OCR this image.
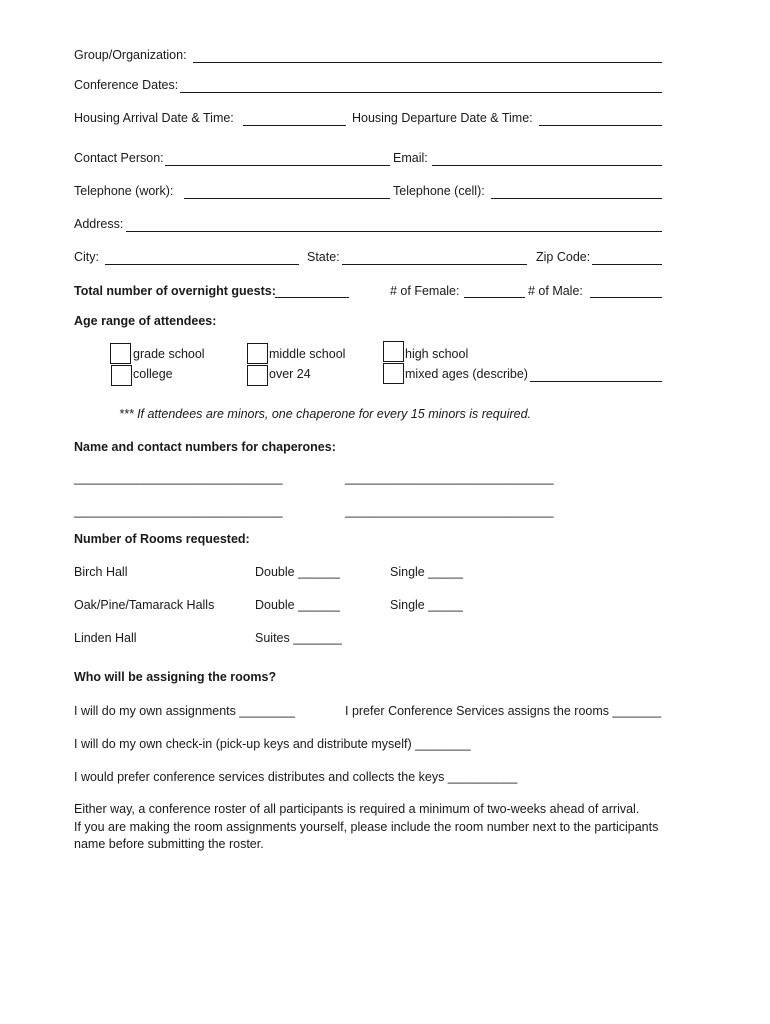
Group/Organization:
Conference Dates:
Housing Arrival Date & Time:	Housing Departure Date & Time:
Contact Person:	Email:
Telephone (work):	Telephone (cell):
Address:
City:	State:	Zip Code:
Total number of overnight guests:	# of Female:	# of Male:
Age range of attendees:
grade school	middle school	high school
college	over 24	mixed ages (describe)
*** If attendees are minors, one chaperone for every 15 minors is required.
Name and contact numbers for chaperones:
______________________________	______________________________
______________________________	______________________________
Number of Rooms requested:
Birch Hall	Double ______	Single _____
Oak/Pine/Tamarack Halls	Double ______	Single _____
Linden Hall	Suites _______
Who will be assigning the rooms?
I will do my own assignments ________	I prefer Conference Services assigns the rooms _______
I will do my own check-in (pick-up keys and distribute myself) ________
I would prefer conference services distributes and collects the keys __________
Either way, a conference roster of all participants is required a minimum of two-weeks ahead of arrival.
If you are making the room assignments yourself, please include the room number next to the participants
name before submitting the roster.
